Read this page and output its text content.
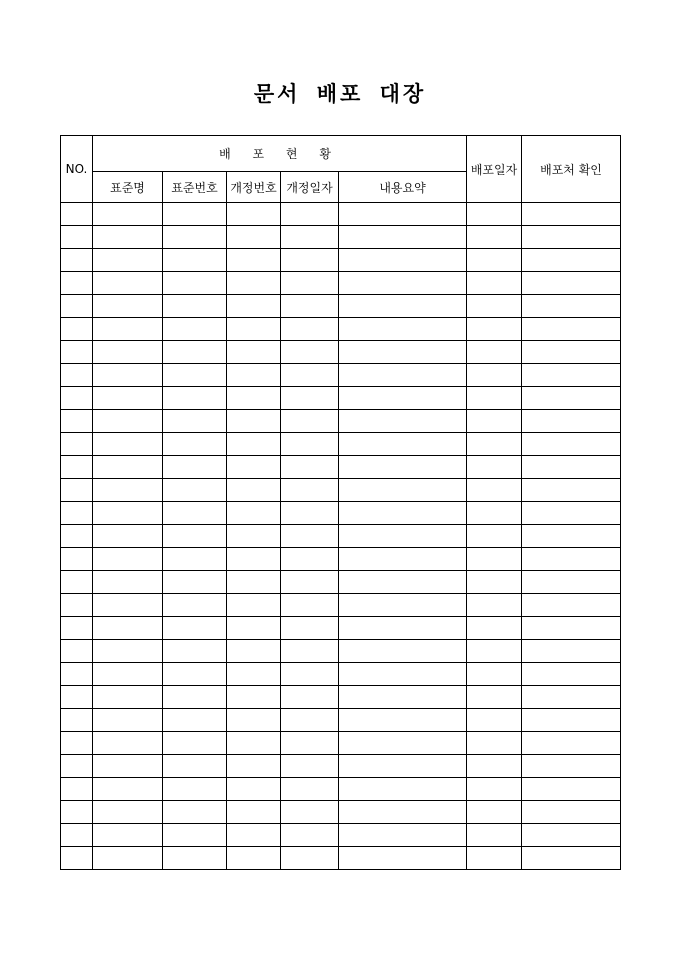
문서 배포 대장
NO.	배 포 현 황					배포일자	배포처 확인
	표준명	표준번호	개정번호	개정일자	내용요약		
